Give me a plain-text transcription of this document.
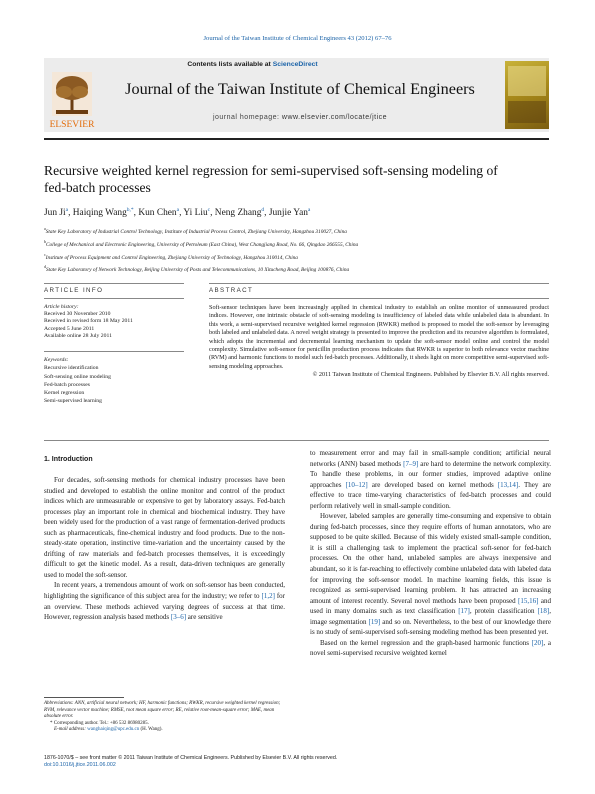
Journal of the Taiwan Institute of Chemical Engineers 43 (2012) 67–76
Contents lists available at ScienceDirect
ELSEVIER
Journal of the Taiwan Institute of Chemical Engineers
journal homepage: www.elsevier.com/locate/jtice
Recursive weighted kernel regression for semi-supervised soft-sensing modeling of fed-batch processes
Jun Ji$^a$, Haiqing Wang$^{b,*}$, Kun Chen$^a$, Yi Liu$^c$, Neng Zhang$^d$, Junjie Yan$^a$
$^a$State Key Laboratory of Industrial Control Technology, Institute of Industrial Process Control, Zhejiang University, Hangzhou 310027, China
$^b$College of Mechanical and Electronic Engineering, University of Petroleum (East China), West Changjiang Road, No. 66, Qingdao 266555, China
$^c$Institute of Process Equipment and Control Engineering, Zhejiang University of Technology, Hangzhou 310014, China
$^d$State Key Laboratory of Network Technology, Beijing University of Posts and Telecommunications, 10 Xitucheng Road, Beijing 100876, China
ARTICLE INFO	ABSTRACT
Article history:
Received 30 November 2010
Received in revised form 18 May 2011
Accepted 5 June 2011
Available online 28 July 2011
Keywords:
Recursive identification
Soft-sensing online modeling
Fed-batch processes
Kernel regression
Semi-supervised learning
Soft-sensor techniques have been increasingly applied in chemical industry to establish an online monitor of unmeasured product indices. However, one intrinsic obstacle of soft-sensing modeling is insufficiency of labeled data while unlabeled data is abundant. In this work, a semi-supervised recursive weighted kernel regression (RWKR) method is proposed to model the soft-sensor by leveraging both labeled and unlabeled data. A novel weight strategy is presented to improve the prediction and its recursive algorithm is formulated, which adopts the incremental and decremental learning mechanism to update the soft-sensor model online and control the model complexity. Simulative soft-sensor for penicillin production process indicates that RWKR is superior to both relevance vector machine (RVM) and harmonic functions to model such fed-batch processes. Additionally, it sheds light on more competitive semi-supervised soft-sensing modeling approaches.
© 2011 Taiwan Institute of Chemical Engineers. Published by Elsevier B.V. All rights reserved.
1. Introduction

For decades, soft-sensing methods for chemical industry processes have been studied and developed to establish the online monitor and control of the product indices which are unmeasurable or expensive to get by laboratory assays. Fed-batch processes play an important role in chemical and biochemical industry. They have been widely used for the production of a vast range of fermentation-derived products such as pharmaceuticals, fine-chemical industry and food products. Due to the non-steady-state operation, instinctive time-variation and the uncertainty caused by the drifting of raw materials and fed-batch processes themselves, it is exceedingly difficult to get the kinetic model. As a result, data-driven techniques are generally used to model the soft-sensor.

In recent years, a tremendous amount of work on soft-sensor has been conducted, highlighting the significance of this subject area for the industry; we refer to [1,2] for an overview. These methods achieved varying degrees of success at that time. However, regression analysis based methods [3–6] are sensitive

to measurement error and may fail in small-sample condition; artificial neural networks (ANN) based methods [7–9] are hard to determine the network complexity. To handle these problems, in our former studies, improved adaptive online approaches [10–12] are developed based on kernel methods [13,14]. They are effective to trace time-varying characteristics of fed-batch processes and could perform relatively well in small-sample condition.

However, labeled samples are generally time-consuming and expensive to obtain during fed-batch processes, since they require efforts of human annotators, who are supposed to be quite skilled. Because of this widely existed small-sample condition, it is still a challenging task to implement the practical soft-senor for fed-batch processes. On the other hand, unlabeled samples are always inexpensive and abundant, so it is far-reaching to effectively combine unlabeled data with labeled data for improving the soft-sensor model. In machine learning fields, this issue is recognized as semi-supervised learning problem. It has attracted an increasing amount of interest recently. Several novel methods have been proposed [15,16] and used in many domains such as text classification [17], protein classification [18], image segmentation [19] and so on. Nevertheless, to the best of our knowledge there is no study of semi-supervised soft-sensing modeling method has been presented yet.

Based on the kernel regression and the graph-based harmonic functions [20], a novel semi-supervised recursive weighted kernel

Abbreviations: ANN, artificial neural network; HF, harmonic functions; RWKR, recursive weighted kernel regression; RVM, relevance vector machine; RMSE, root mean square error; RE, relative root-mean-square error; MAE, mean absolute error.
* Corresponding author. Tel.: +86 532 86980285.
E-mail address: wanghaiqing@upc.edu.cn (H. Wang).
1876-1070/$ – see front matter © 2011 Taiwan Institute of Chemical Engineers. Published by Elsevier B.V. All rights reserved.
doi:10.1016/j.jtice.2011.06.002
